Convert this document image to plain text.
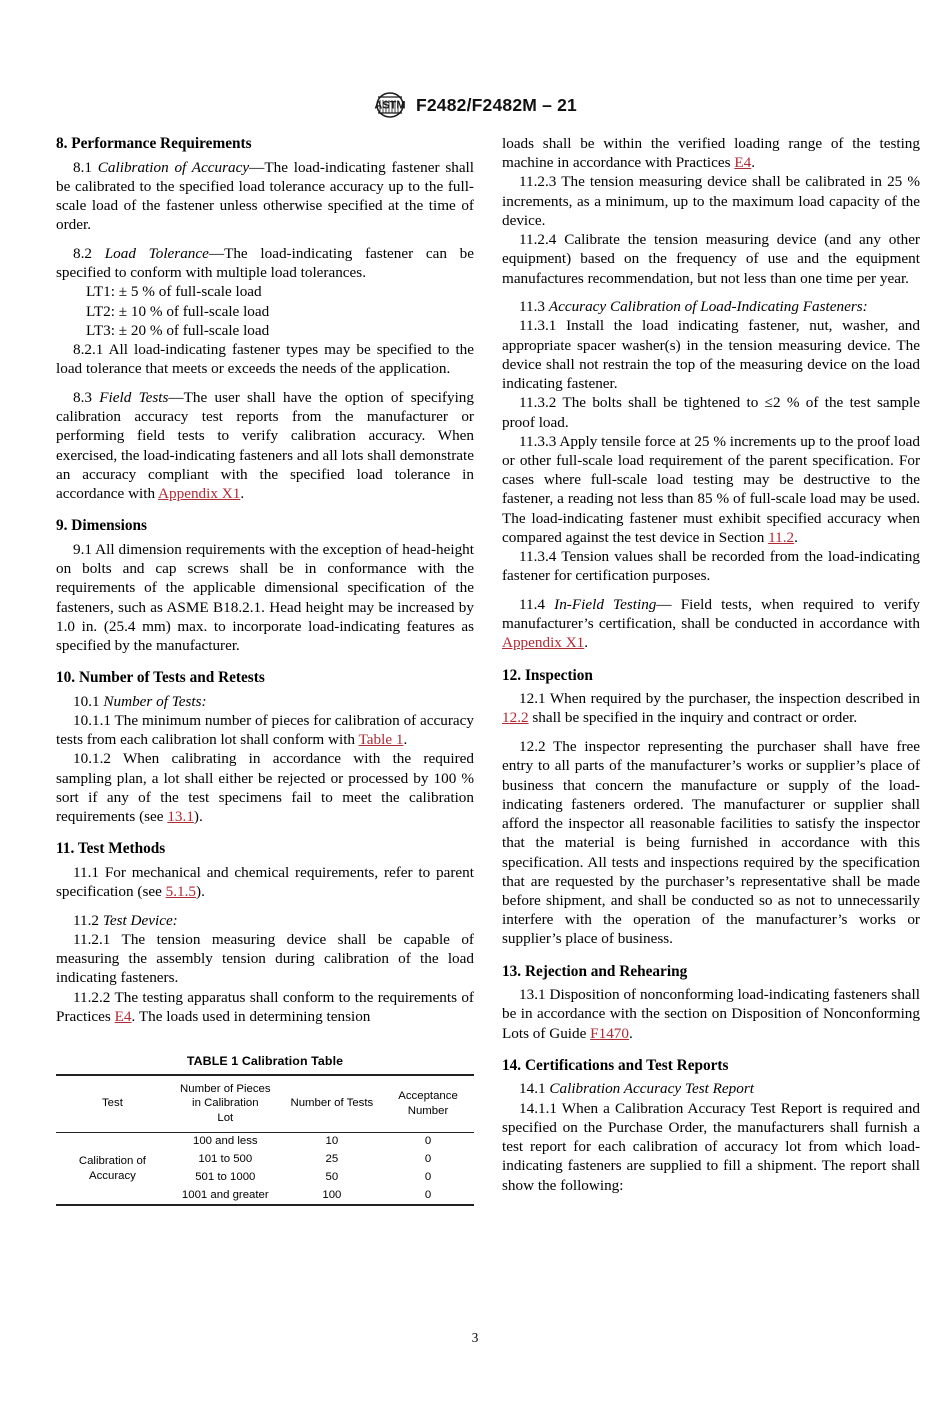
ASTM F2482/F2482M – 21
8. Performance Requirements

8.1 Calibration of Accuracy—The load-indicating fastener shall be calibrated to the specified load tolerance accuracy up to the full-scale load of the fastener unless otherwise specified at the time of order.

8.2 Load Tolerance—The load-indicating fastener can be specified to conform with multiple load tolerances.

LT1: ± 5 % of full-scale load

LT2: ± 10 % of full-scale load

LT3: ± 20 % of full-scale load

8.2.1 All load-indicating fastener types may be specified to the load tolerance that meets or exceeds the needs of the application.

8.3 Field Tests—The user shall have the option of specifying calibration accuracy test reports from the manufacturer or performing field tests to verify calibration accuracy. When exercised, the load-indicating fasteners and all lots shall demonstrate an accuracy compliant with the specified load tolerance in accordance with Appendix X1.

9. Dimensions

9.1 All dimension requirements with the exception of head-height on bolts and cap screws shall be in conformance with the requirements of the applicable dimensional specification of the fasteners, such as ASME B18.2.1. Head height may be increased by 1.0 in. (25.4 mm) max. to incorporate load-indicating features as specified by the manufacturer.

10. Number of Tests and Retests

10.1 Number of Tests:

10.1.1 The minimum number of pieces for calibration of accuracy tests from each calibration lot shall conform with Table 1.

10.1.2 When calibrating in accordance with the required sampling plan, a lot shall either be rejected or processed by 100 % sort if any of the test specimens fail to meet the calibration requirements (see 13.1).

11. Test Methods

11.1 For mechanical and chemical requirements, refer to parent specification (see 5.1.5).

11.2 Test Device:

11.2.1 The tension measuring device shall be capable of measuring the assembly tension during calibration of the load indicating fasteners.

11.2.2 The testing apparatus shall conform to the requirements of Practices E4. The loads used in determining tension

TABLE 1 Calibration Table
Test	Number of Pieces
in Calibration
Lot	Number of Tests	Acceptance
Number
Calibration of
Accuracy	100 and less	10	0
	101 to 500	25	0
	501 to 1000	50	0
	1001 and greater	100	0

loads shall be within the verified loading range of the testing machine in accordance with Practices E4.

11.2.3 The tension measuring device shall be calibrated in 25 % increments, as a minimum, up to the maximum load capacity of the device.

11.2.4 Calibrate the tension measuring device (and any other equipment) based on the frequency of use and the equipment manufactures recommendation, but not less than one time per year.

11.3 Accuracy Calibration of Load-Indicating Fasteners:

11.3.1 Install the load indicating fastener, nut, washer, and appropriate spacer washer(s) in the tension measuring device. The device shall not restrain the top of the measuring device on the load indicating fastener.

11.3.2 The bolts shall be tightened to ≤2 % of the test sample proof load.

11.3.3 Apply tensile force at 25 % increments up to the proof load or other full-scale load requirement of the parent specification. For cases where full-scale load testing may be destructive to the fastener, a reading not less than 85 % of full-scale load may be used. The load-indicating fastener must exhibit specified accuracy when compared against the test device in Section 11.2.

11.3.4 Tension values shall be recorded from the load-indicating fastener for certification purposes.

11.4 In-Field Testing— Field tests, when required to verify manufacturer’s certification, shall be conducted in accordance with Appendix X1.

12. Inspection

12.1 When required by the purchaser, the inspection described in 12.2 shall be specified in the inquiry and contract or order.

12.2 The inspector representing the purchaser shall have free entry to all parts of the manufacturer’s works or supplier’s place of business that concern the manufacture or supply of the load-indicating fasteners ordered. The manufacturer or supplier shall afford the inspector all reasonable facilities to satisfy the inspector that the material is being furnished in accordance with this specification. All tests and inspections required by the specification that are requested by the purchaser’s representative shall be made before shipment, and shall be conducted so as not to unnecessarily interfere with the operation of the manufacturer’s works or supplier’s place of business.

13. Rejection and Rehearing

13.1 Disposition of nonconforming load-indicating fasteners shall be in accordance with the section on Disposition of Nonconforming Lots of Guide F1470.

14. Certifications and Test Reports

14.1 Calibration Accuracy Test Report

14.1.1 When a Calibration Accuracy Test Report is required and specified on the Purchase Order, the manufacturers shall furnish a test report for each calibration of accuracy lot from which load-indicating fasteners are supplied to fill a shipment. The report shall show the following:

3
